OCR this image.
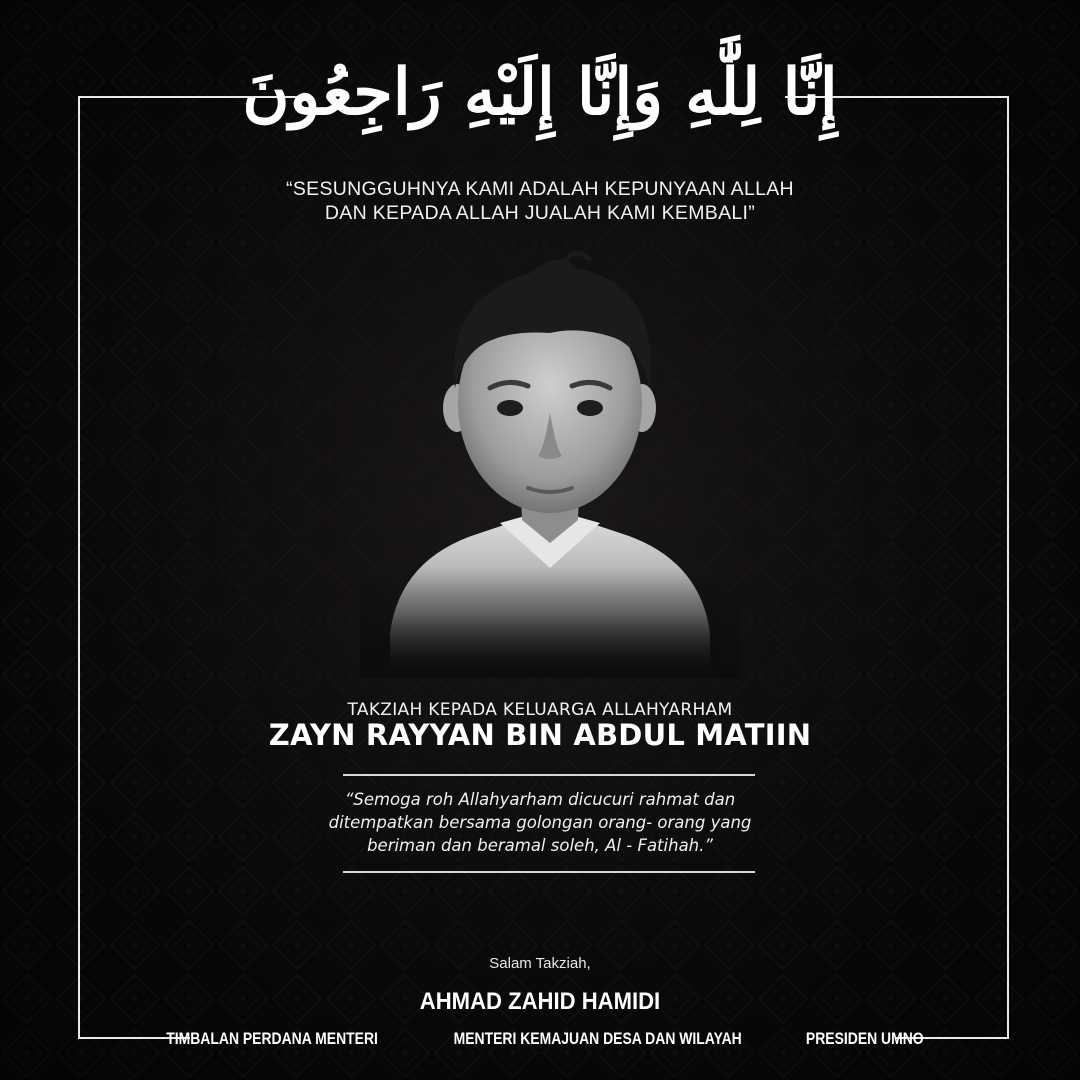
إِنَّا لِلَّٰهِ وَإِنَّا إِلَيْهِ رَاجِعُونَ
“SESUNGGUHNYA KAMI ADALAH KEPUNYAAN ALLAH
DAN KEPADA ALLAH JUALAH KAMI KEMBALI”
TAKZIAH KEPADA KELUARGA ALLAHYARHAM
ZAYN RAYYAN BIN ABDUL MATIIN
“Semoga roh Allahyarham dicucuri rahmat dan
ditempatkan bersama golongan orang- orang yang
beriman dan beramal soleh, Al - Fatihah.”
Salam Takziah,
AHMAD ZAHID HAMIDI
TIMBALAN PERDANA MENTERI	MENTERI KEMAJUAN DESA DAN WILAYAH	PRESIDEN UMNO
